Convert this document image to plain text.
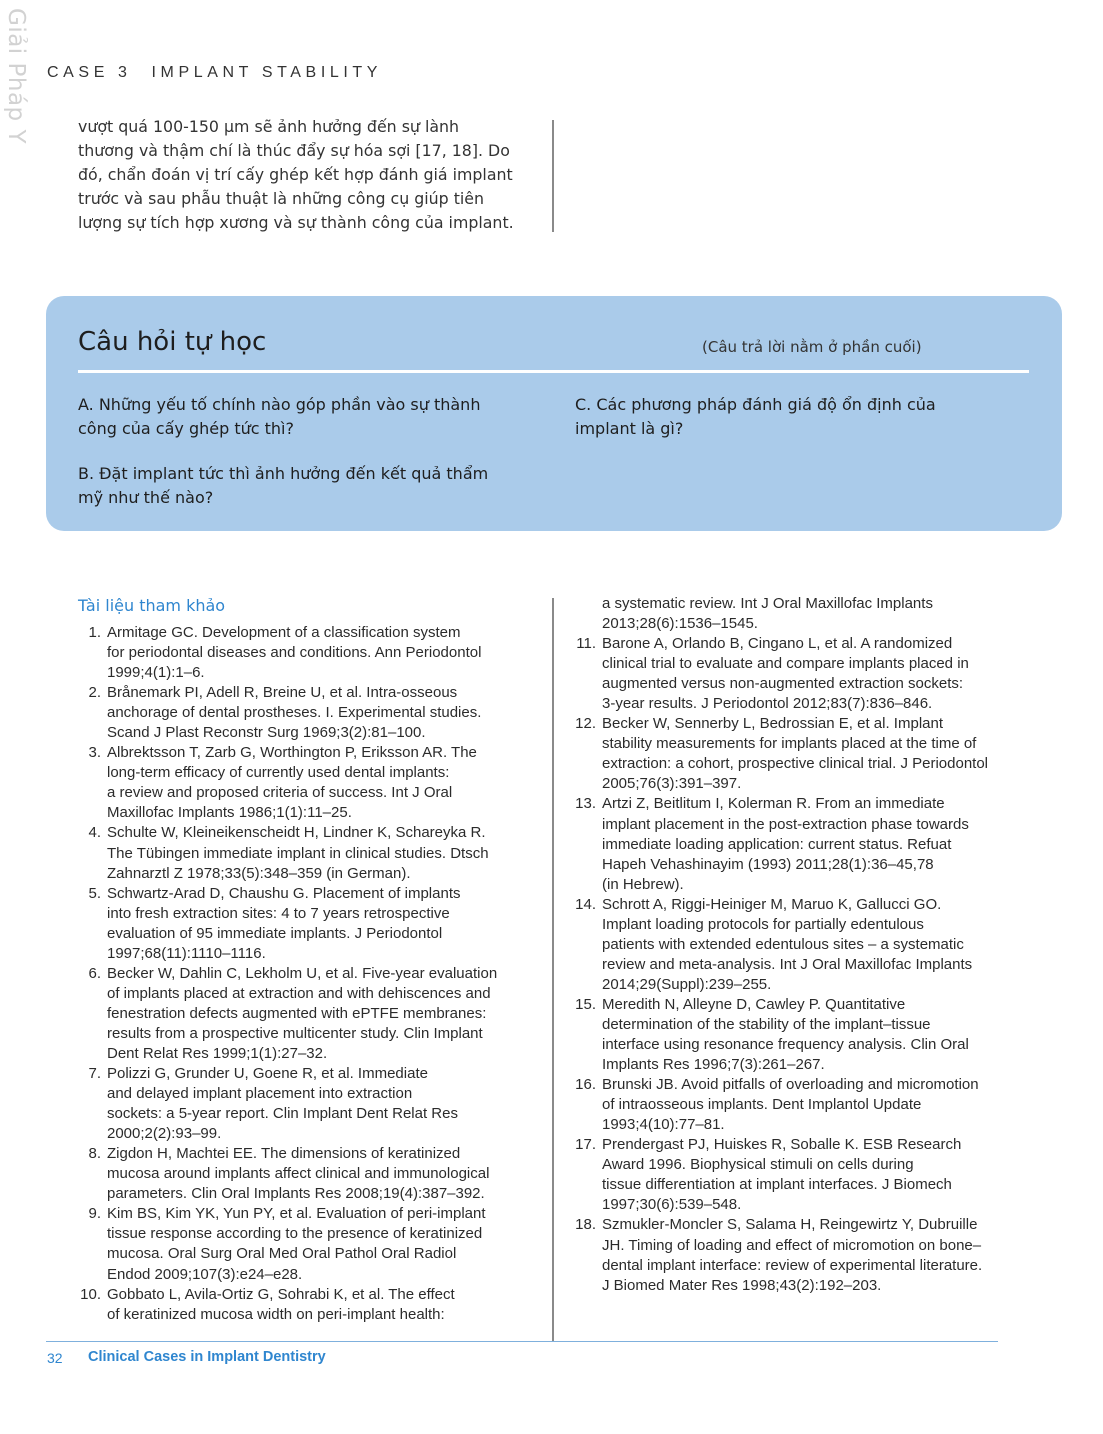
Giải Pháp Y
CASE 3 IMPLANT STABILITY
vượt quá 100-150 µm sẽ ảnh hưởng đến sự lành thương và thậm chí là thúc đẩy sự hóa sợi [17, 18]. Do đó, chẩn đoán vị trí cấy ghép kết hợp đánh giá implant trước và sau phẫu thuật là những công cụ giúp tiên lượng sự tích hợp xương và sự thành công của implant.
Câu hỏi tự học	(Câu trả lời nằm ở phần cuối)
A. Những yếu tố chính nào góp phần vào sự thành công của cấy ghép tức thì?
B. Đặt implant tức thì ảnh hưởng đến kết quả thẩm mỹ như thế nào?
C. Các phương pháp đánh giá độ ổn định của implant là gì?
Tài liệu tham khảo
1. Armitage GC. Development of a classification system
for periodontal diseases and conditions. Ann Periodontol
1999;4(1):1–6.
2. Brånemark PI, Adell R, Breine U, et al. Intra-osseous
anchorage of dental prostheses. I. Experimental studies.
Scand J Plast Reconstr Surg 1969;3(2):81–100.
3. Albrektsson T, Zarb G, Worthington P, Eriksson AR. The
long-term efficacy of currently used dental implants:
a review and proposed criteria of success. Int J Oral
Maxillofac Implants 1986;1(1):11–25.
4. Schulte W, Kleineikenscheidt H, Lindner K, Schareyka R.
The Tübingen immediate implant in clinical studies. Dtsch
Zahnarztl Z 1978;33(5):348–359 (in German).
5. Schwartz-Arad D, Chaushu G. Placement of implants
into fresh extraction sites: 4 to 7 years retrospective
evaluation of 95 immediate implants. J Periodontol
1997;68(11):1110–1116.
6. Becker W, Dahlin C, Lekholm U, et al. Five-year evaluation
of implants placed at extraction and with dehiscences and
fenestration defects augmented with ePTFE membranes:
results from a prospective multicenter study. Clin Implant
Dent Relat Res 1999;1(1):27–32.
7. Polizzi G, Grunder U, Goene R, et al. Immediate
and delayed implant placement into extraction
sockets: a 5-year report. Clin Implant Dent Relat Res
2000;2(2):93–99.
8. Zigdon H, Machtei EE. The dimensions of keratinized
mucosa around implants affect clinical and immunological
parameters. Clin Oral Implants Res 2008;19(4):387–392.
9. Kim BS, Kim YK, Yun PY, et al. Evaluation of peri-implant
tissue response according to the presence of keratinized
mucosa. Oral Surg Oral Med Oral Pathol Oral Radiol
Endod 2009;107(3):e24–e28.
10. Gobbato L, Avila-Ortiz G, Sohrabi K, et al. The effect
of keratinized mucosa width on peri-implant health:
a systematic review. Int J Oral Maxillofac Implants
2013;28(6):1536–1545.
11. Barone A, Orlando B, Cingano L, et al. A randomized
clinical trial to evaluate and compare implants placed in
augmented versus non-augmented extraction sockets:
3-year results. J Periodontol 2012;83(7):836–846.
12. Becker W, Sennerby L, Bedrossian E, et al. Implant
stability measurements for implants placed at the time of
extraction: a cohort, prospective clinical trial. J Periodontol
2005;76(3):391–397.
13. Artzi Z, Beitlitum I, Kolerman R. From an immediate
implant placement in the post-extraction phase towards
immediate loading application: current status. Refuat
Hapeh Vehashinayim (1993) 2011;28(1):36–45,78
(in Hebrew).
14. Schrott A, Riggi-Heiniger M, Maruo K, Gallucci GO.
Implant loading protocols for partially edentulous
patients with extended edentulous sites – a systematic
review and meta-analysis. Int J Oral Maxillofac Implants
2014;29(Suppl):239–255.
15. Meredith N, Alleyne D, Cawley P. Quantitative
determination of the stability of the implant–tissue
interface using resonance frequency analysis. Clin Oral
Implants Res 1996;7(3):261–267.
16. Brunski JB. Avoid pitfalls of overloading and micromotion
of intraosseous implants. Dent Implantol Update
1993;4(10):77–81.
17. Prendergast PJ, Huiskes R, Soballe K. ESB Research
Award 1996. Biophysical stimuli on cells during
tissue differentiation at implant interfaces. J Biomech
1997;30(6):539–548.
18. Szmukler-Moncler S, Salama H, Reingewirtz Y, Dubruille
JH. Timing of loading and effect of micromotion on bone–
dental implant interface: review of experimental literature.
J Biomed Mater Res 1998;43(2):192–203.
32 Clinical Cases in Implant Dentistry
